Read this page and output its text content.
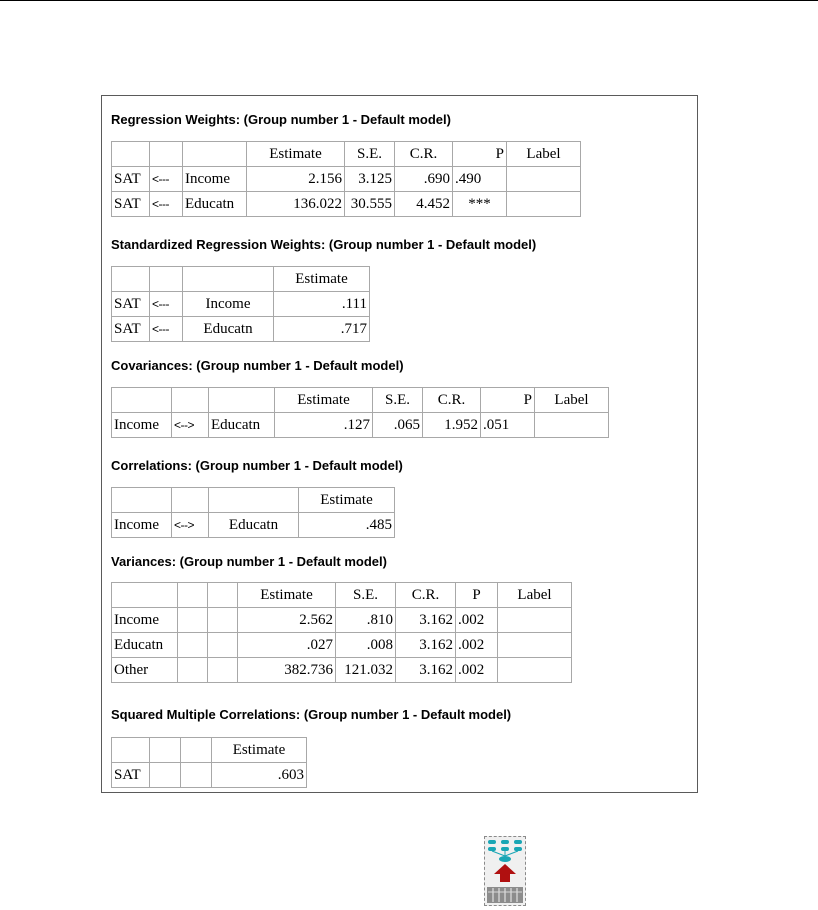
Regression Weights: (Group number 1 - Default model)
			Estimate	S.E.	C.R.	P	Label
SAT	<---	Income	2.156	3.125	.690	.490	
SAT	<---	Educatn	136.022	30.555	4.452	***	
Standardized Regression Weights: (Group number 1 - Default model)
			Estimate
SAT	<---	Income	.111
SAT	<---	Educatn	.717
Covariances: (Group number 1 - Default model)
			Estimate	S.E.	C.R.	P	Label
Income	<-->	Educatn	.127	.065	1.952	.051	
Correlations: (Group number 1 - Default model)
			Estimate
Income	<-->	Educatn	.485
Variances: (Group number 1 - Default model)
			Estimate	S.E.	C.R.	P	Label
Income			2.562	.810	3.162	.002	
Educatn			.027	.008	3.162	.002	
Other			382.736	121.032	3.162	.002	
Squared Multiple Correlations: (Group number 1 - Default model)
			Estimate
SAT			.603
